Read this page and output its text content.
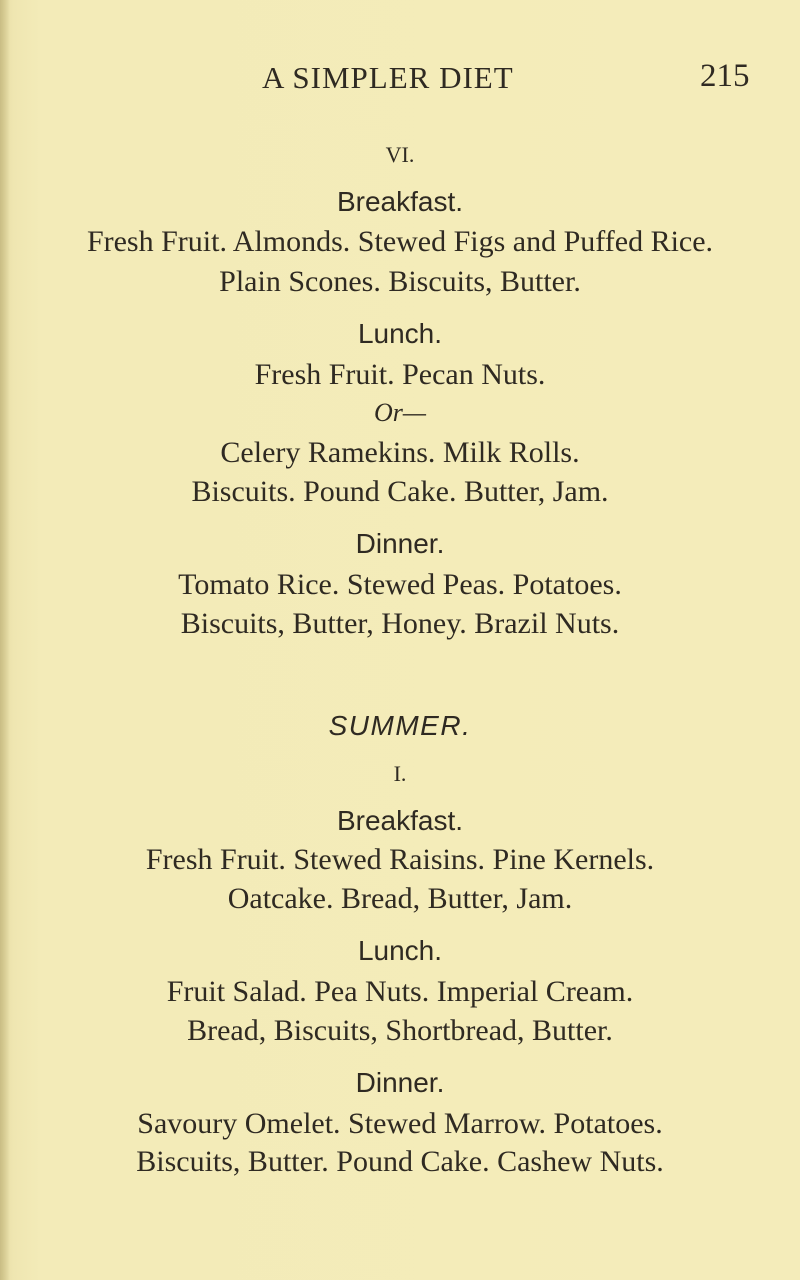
A SIMPLER DIET	215
VI.
Breakfast.
Fresh Fruit. Almonds. Stewed Figs and Puffed Rice.
Plain Scones. Biscuits, Butter.
Lunch.
Fresh Fruit. Pecan Nuts.
Or—
Celery Ramekins. Milk Rolls.
Biscuits. Pound Cake. Butter, Jam.
Dinner.
Tomato Rice. Stewed Peas. Potatoes.
Biscuits, Butter, Honey. Brazil Nuts.
SUMMER.
I.
Breakfast.
Fresh Fruit. Stewed Raisins. Pine Kernels.
Oatcake. Bread, Butter, Jam.
Lunch.
Fruit Salad. Pea Nuts. Imperial Cream.
Bread, Biscuits, Shortbread, Butter.
Dinner.
Savoury Omelet. Stewed Marrow. Potatoes.
Biscuits, Butter. Pound Cake. Cashew Nuts.
